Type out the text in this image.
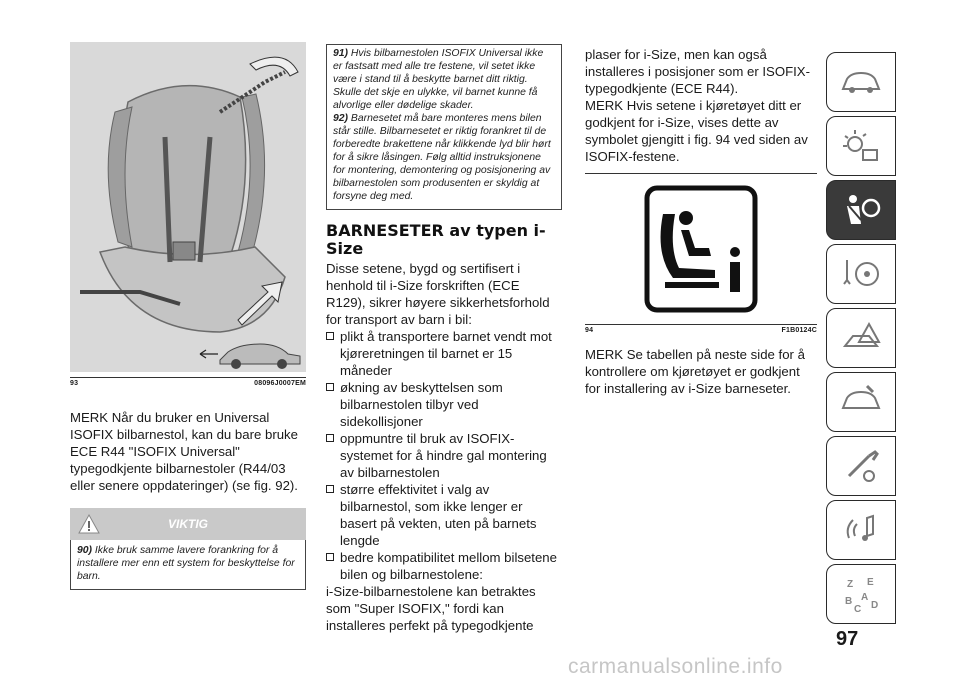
93	08096J0007EM

MERK Når du bruker en Universal ISOFIX bilbarnestol, kan du bare bruke ECE R44 "ISOFIX Universal" typegodkjente bilbarnestoler (R44/03 eller senere oppdateringer) (se fig. 92).

VIKTIG

90) Ikke bruk samme lavere forankring for å installere mer enn ett system for beskyttelse for barn.

91) Hvis bilbarnestolen ISOFIX Universal ikke er fastsatt med alle tre festene, vil setet ikke være i stand til å beskytte barnet ditt riktig. Skulle det skje en ulykke, vil barnet kunne få alvorlige eller dødelige skader.

92) Barnesetet må bare monteres mens bilen står stille. Bilbarnesetet er riktig forankret til de forberedte brakettene når klikkende lyd blir hørt for å sikre låsingen. Følg alltid instruksjonene for montering, demontering og posisjonering av bilbarnestolen som produsenten er skyldig at forsyne deg med.

BARNESETER av typen i-Size

Disse setene, bygd og sertifisert i henhold til i-Size forskriften (ECE R129), sikrer høyere sikkerhetsforhold for transport av barn i bil:

plikt å transportere barnet vendt mot kjøreretningen til barnet er 15 måneder
økning av beskyttelsen som bilbarnestolen tilbyr ved sidekollisjoner
oppmuntre til bruk av ISOFIX-systemet for å hindre gal montering av bilbarnestolen
større effektivitet i valg av bilbarnestol, som ikke lenger er basert på vekten, uten på barnets lengde
bedre kompatibilitet mellom bilsetene bilen og bilbarnestolene:

i-Size-bilbarnestolene kan betraktes som "Super ISOFIX," fordi kan installeres perfekt på typegodkjente

plaser for i-Size, men kan også installeres i posisjoner som er ISOFIX-typegodkjente (ECE R44).

MERK Hvis setene i kjøretøyet ditt er godkjent for i-Size, vises dette av symbolet gjengitt i fig. 94 ved siden av ISOFIX-festene.

94	F1B0124C

MERK Se tabellen på neste side for å kontrollere om kjøretøyet er godkjent for installering av i-Size barneseter.

Z E
B A
C D
97
carmanualsonline.info
